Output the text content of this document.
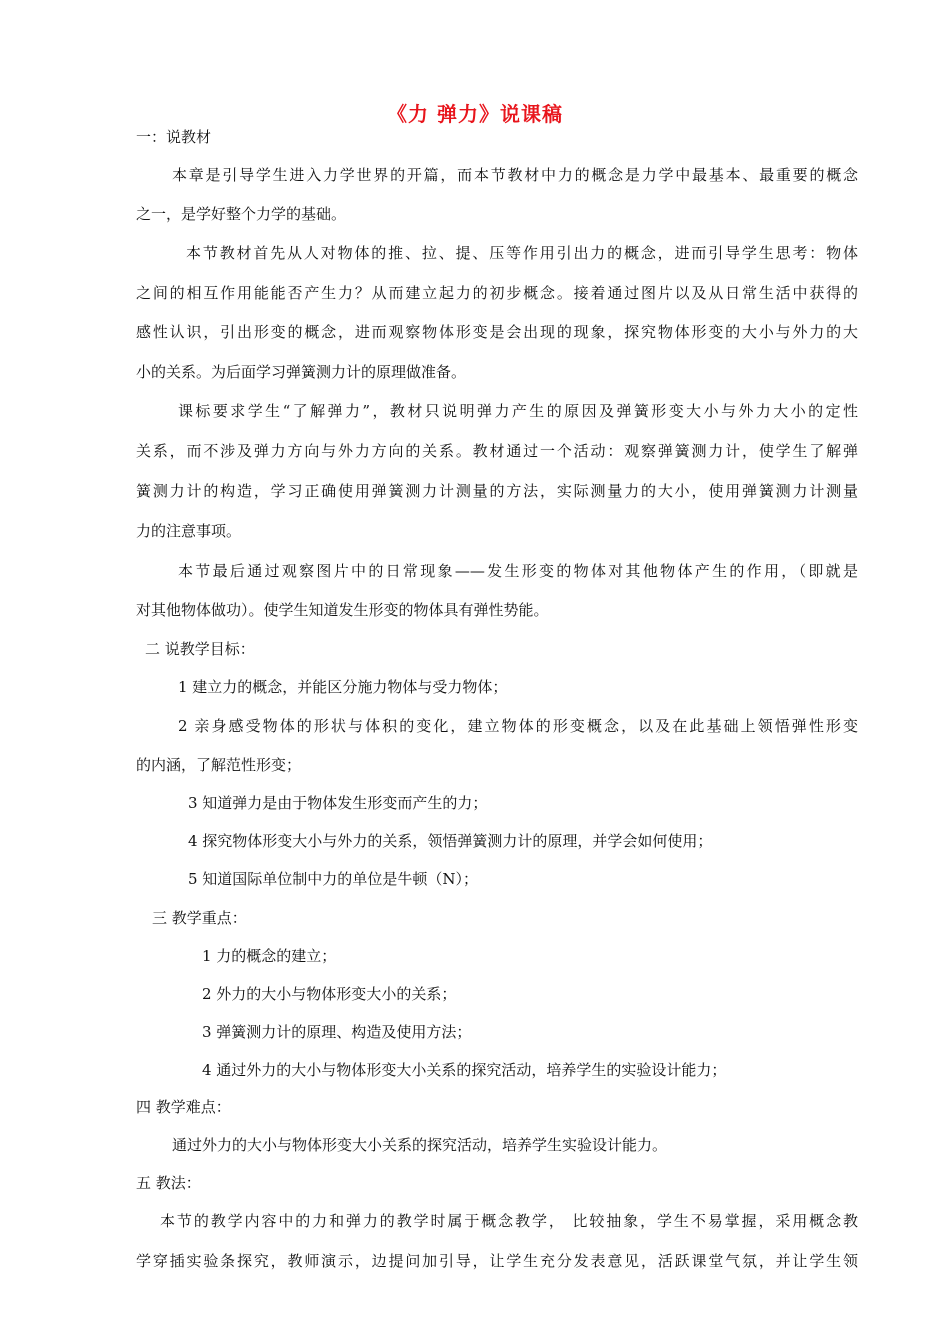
《力 弹力》说课稿
一：说教材
本章是引导学生进入力学世界的开篇，而本节教材中力的概念是力学中最基本、最重要的概念
之一，是学好整个力学的基础。
本节教材首先从人对物体的推、拉、提、压等作用引出力的概念，进而引导学生思考：物体
之间的相互作用能能否产生力？从而建立起力的初步概念。接着通过图片以及从日常生活中获得的
感性认识，引出形变的概念，进而观察物体形变是会出现的现象，探究物体形变的大小与外力的大
小的关系。为后面学习弹簧测力计的原理做准备。
课标要求学生“了解弹力”，教材只说明弹力产生的原因及弹簧形变大小与外力大小的定性
关系，而不涉及弹力方向与外力方向的关系。教材通过一个活动：观察弹簧测力计，使学生了解弹
簧测力计的构造，学习正确使用弹簧测力计测量的方法，实际测量力的大小，使用弹簧测力计测量
力的注意事项。
本节最后通过观察图片中的日常现象——发生形变的物体对其他物体产生的作用，（即就是
对其他物体做功）。使学生知道发生形变的物体具有弹性势能。
二 说教学目标：
1 建立力的概念，并能区分施力物体与受力物体；
2 亲身感受物体的形状与体积的变化，建立物体的形变概念，以及在此基础上领悟弹性形变
的内涵，了解范性形变；
3 知道弹力是由于物体发生形变而产生的力；
4 探究物体形变大小与外力的关系，领悟弹簧测力计的原理，并学会如何使用；
5 知道国际单位制中力的单位是牛顿（N）；
三 教学重点：
1 力的概念的建立；
2 外力的大小与物体形变大小的关系；
3 弹簧测力计的原理、构造及使用方法；
4 通过外力的大小与物体形变大小关系的探究活动，培养学生的实验设计能力；
四 教学难点：
通过外力的大小与物体形变大小关系的探究活动，培养学生实验设计能力。
五 教法：
本节的教学内容中的力和弹力的教学时属于概念教学， 比较抽象，学生不易掌握，采用概念教
学穿插实验条探究，教师演示，边提问加引导，让学生充分发表意见，活跃课堂气氛，并让学生领
